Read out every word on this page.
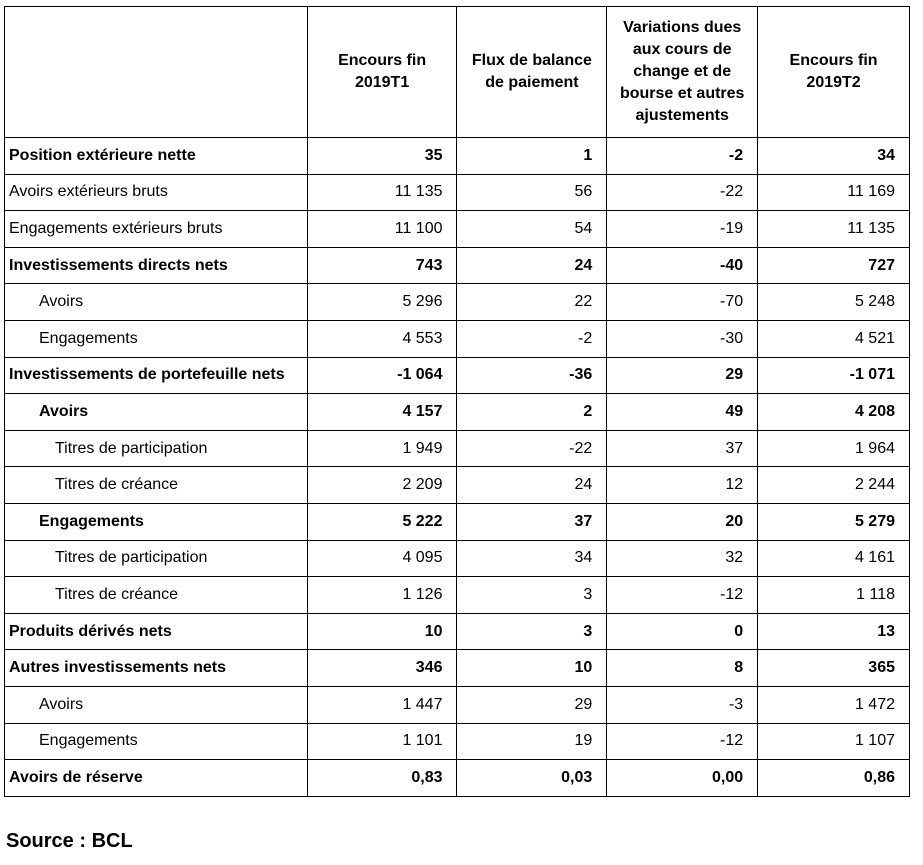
	Encours fin 2019T1	Flux de balance de paiement	Variations dues aux cours de change et de bourse et autres ajustements	Encours fin 2019T2
Position extérieure nette	35	1	-2	34
Avoirs extérieurs bruts	11 135	56	-22	11 169
Engagements extérieurs bruts	11 100	54	-19	11 135
Investissements directs nets	743	24	-40	727
Avoirs	5 296	22	-70	5 248
Engagements	4 553	-2	-30	4 521
Investissements de portefeuille nets	-1 064	-36	29	-1 071
Avoirs	4 157	2	49	4 208
Titres de participation	1 949	-22	37	1 964
Titres de créance	2 209	24	12	2 244
Engagements	5 222	37	20	5 279
Titres de participation	4 095	34	32	4 161
Titres de créance	1 126	3	-12	1 118
Produits dérivés nets	10	3	0	13
Autres investissements nets	346	10	8	365
Avoirs	1 447	29	-3	1 472
Engagements	1 101	19	-12	1 107
Avoirs de réserve	0,83	0,03	0,00	0,86

Source : BCL
